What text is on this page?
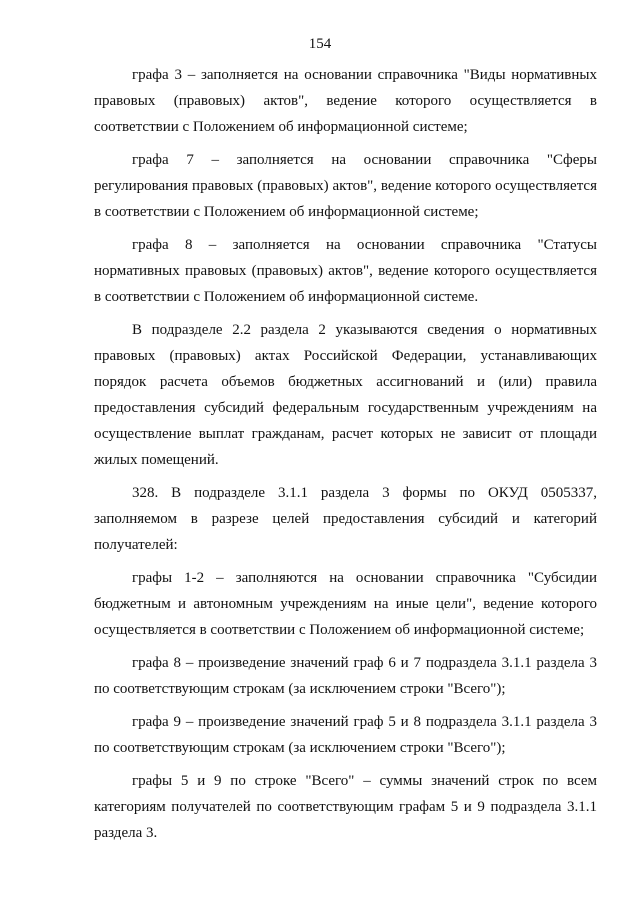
154

графа 3 – заполняется на основании справочника "Виды нормативных правовых (правовых) актов", ведение которого осуществляется в соответствии с Положением об информационной системе;

графа 7 – заполняется на основании справочника "Сферы регулирования правовых (правовых) актов", ведение которого осуществляется в соответствии с Положением об информационной системе;

графа 8 – заполняется на основании справочника "Статусы нормативных правовых (правовых) актов", ведение которого осуществляется в соответствии с Положением об информационной системе.

В подразделе 2.2 раздела 2 указываются сведения о нормативных правовых (правовых) актах Российской Федерации, устанавливающих порядок расчета объемов бюджетных ассигнований и (или) правила предоставления субсидий федеральным государственным учреждениям на осуществление выплат гражданам, расчет которых не зависит от площади жилых помещений.

328. В подразделе 3.1.1 раздела 3 формы по ОКУД 0505337, заполняемом в разрезе целей предоставления субсидий и категорий получателей:

графы 1-2 – заполняются на основании справочника "Субсидии бюджетным и автономным учреждениям на иные цели", ведение которого осуществляется в соответствии с Положением об информационной системе;

графа 8 – произведение значений граф 6 и 7 подраздела 3.1.1 раздела 3 по соответствующим строкам (за исключением строки "Всего");

графа 9 – произведение значений граф 5 и 8 подраздела 3.1.1 раздела 3 по соответствующим строкам (за исключением строки "Всего");

графы 5 и 9 по строке "Всего" – суммы значений строк по всем категориям получателей по соответствующим графам 5 и 9 подраздела 3.1.1 раздела 3.
